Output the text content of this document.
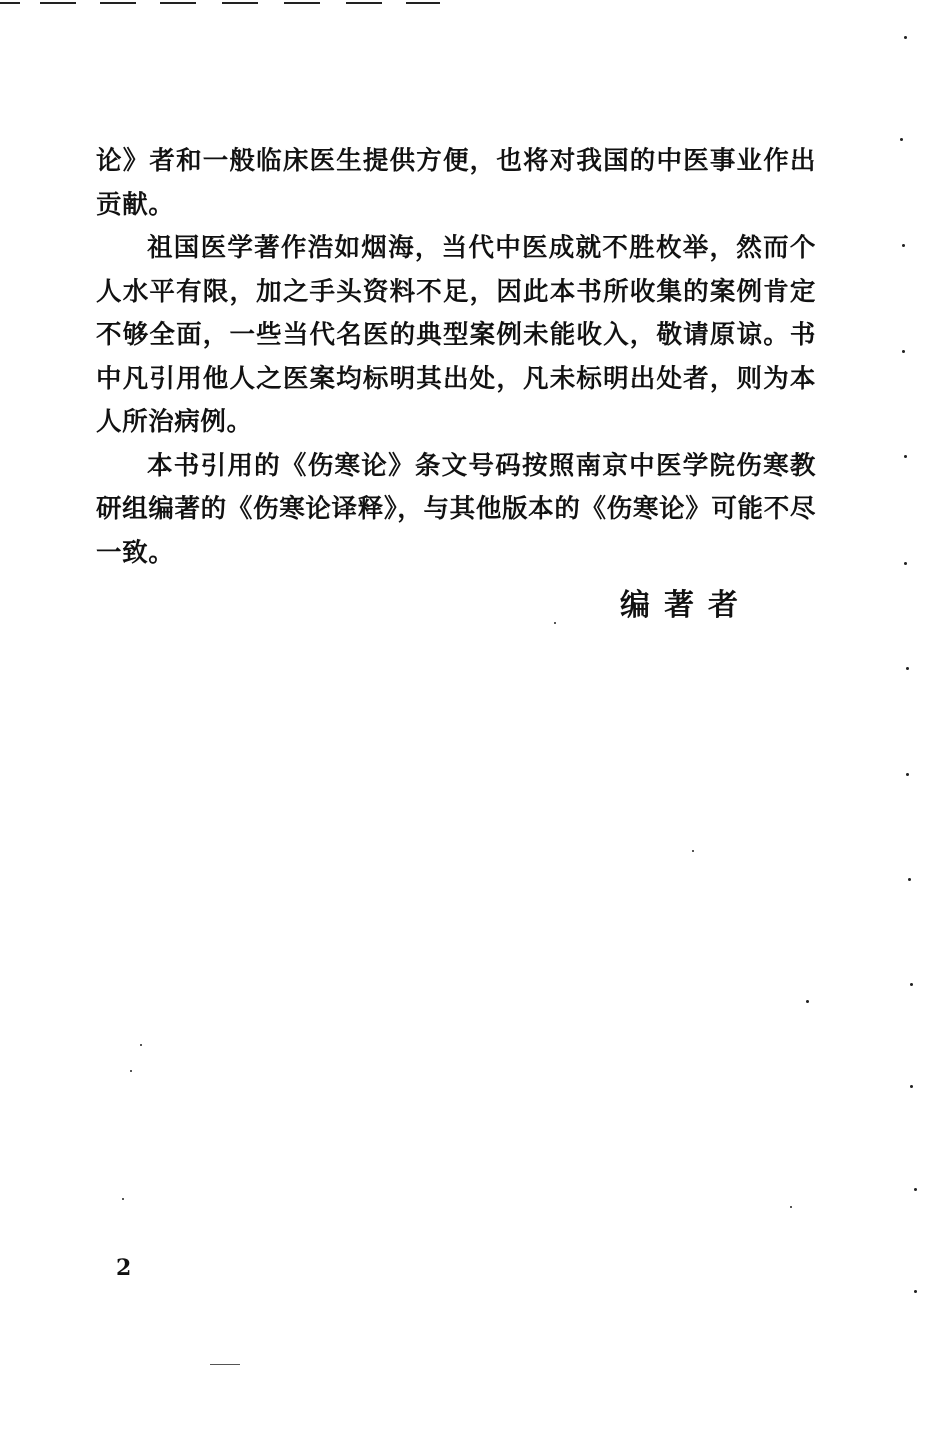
论》者和一般临床医生提供方便，也将对我国的中医事业作出贡献。

祖国医学著作浩如烟海，当代中医成就不胜枚举，然而个人水平有限，加之手头资料不足，因此本书所收集的案例肯定不够全面，一些当代名医的典型案例未能收入，敬请原谅。书中凡引用他人之医案均标明其出处，凡未标明出处者，则为本人所治病例。

本书引用的《伤寒论》条文号码按照南京中医学院伤寒教研组编著的《伤寒论译释》，与其他版本的《伤寒论》可能不尽一致。

编著者
2
